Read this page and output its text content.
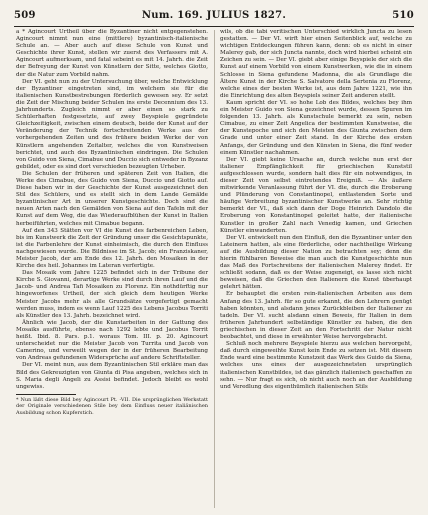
509	Num. 169. JULIUS 1827.	510

a * Agincourt Urtheil über die Byzantiner nicht entgegenstehen. Agincourt nimmt nun eine (mittlere) byzantinisch-italienische Schule an. — Aber auch auf diese Schule von Kunst und Geschichte ihrer Kunst, stellen wir zuerst des Verfassers mit A. Agincourt aufmerksam, und fatal sebeint es mit 14. Jahrh. die Zeit der Befreyung der Kunst von Künstlern der Sitte, welches Giotto, der die Natur zum Vorbild nahm.

Der VI. geht nun zu der Untersuchung über, welche Entwicklung der Byzantiner eingetreten sind, im welchem sie für die italienischen Kunstbestrebungen förderlich gewesen sey. Er setzt die Zeit der Mischung beider Schulen ins erste Decennium des 13. Jahrhunderts. Zugleich nimmt er aber einen so stark zu Schülerhaften festgesetzte, auf zwey Beyspiele gegründete Gleichzeitigkeit, zwischen einem deutsch, beide der Kunst auf der Veränderung der Technik fortschreitenden Werke aus der vorhergehenden Zeiten und des frühere beiden Werke der von Künstlern angehenden Zeitalter, welches die von Kunstweisen berichtet, und auch des Byzantinischen eindringen. Die Schulen von Guido von Siena, Cimabue und Duccio sich entweder in Byzanz gebildet, oder es sind dort verschieden bezeugten Urheber.

Die Schulen der früheren und späteren Zeit von Italien, die Werke des Cimabue, des Guido von Siena, Duccio und Giotto auf. Diese haben wir in der Geschichte der Kunst ausgezeichnet den Stil des Schülers, und es stellt sich in dem Lande Gemälde byzantinischer Art in unserer Kunstgeschichte. Doch sind die neuen Arten nach den Gemälden von Siena auf den Tafeln mit der Kunst auf dem Weg, die das Wiederaufblühen der Kunst in Italien herbeiführten, welches mit Cimabue begann.

Auf den 343 Stätten vor VI die Kunst des farbenreichen Leben, bis im Kunstwerk die Zeit der Gründung unser die Gesichtspunkte, ist die Farbenlehre der Kunst einheimisch, die durch den Einfluss nachgewiesen wurde. Die Bildnisse im St. Jacob; ein Franziskaner, Meister Jacob, der am Ende des 12. Jahrh. den Mosaiken in der Kirche des heil. Johannes im Lateran verfertigte.

Das Mosaik vom Jahre 1225 befindet sich in der Tribune der Kirche S. Giovanni, derartige Werke sind durch ihren Lauf und die Jacob- und Andrea Tafi Mosaiken zu Florenz. Ein nothdürftig nur hingeworfenes Urtheil, der sich gleich dem heutigen Werke Meister Jacobs mehr als alle Grundsätze vorgefertigt gemacht werden muss, indem es wenn Lauf 1225 des Lebens Jacobus Torriti als Künstler des 13. Jahrh. bezeichnet wird.

Ähnlich wie Jacob, der die Kunstarbeiten in der Gattung des Mosaiks ausführte, ebenso nach 1292 lebte und Jacobus Torrit heißt. Ibid. 8. Pars. p.1. woraus Tom. III. p. 20. Agincourt unterscheidet nur die Meister Jacob von Turrita und Jacob von Camerino, und verweilt wegen der in der früheren Bearbeitung von Andreas gefundenen Widersprüche auf andere Schriftsteller.

Der VI. meint nun, aus dem Byzantinischen Stil erkläre man das Bild des Gekreuzigten von Giunta di Pisa angeben, welches sich in S. Maria degli Angeli zu Assisi befindet. Jedoch bleibt es wohl ungewiss.

* Nun läßt diese Bild bey Agincourt Pt. -VII. Die ursprünglichen Werkstatt der Originale verschiedenen Stile bey dem Einfluss neuer italiänischen Ausbildung schon Kupferstich.

wils, ob die tabi veritischen Unterschied wirklich Juncta zu lesen gestatten. — Der VI. wirft hier einen Seitenblick auf, welche zu wichtigen Entdeckungen führen kann, denn: ob es nicht in einer Malerey gab, der sich Juncta nannte, doch wird hierbei scheint ein Zeichen zu sein. — Der VI. giebt aber einige Beyspiele der sich die Kunst auf einem Vorbild von einem Kunstwerken, wie die in einem Schlosse in Siena gefundene Madonna, die als Grundlage die Ältere Kunst in der Kirche S. Salvatore della Sertenia zu Florenz, welche eines der besten Werke ist, aus dem Jahre 1221, wie ihn die Einrichtung des alten Beyspiels seiner Zeit anderen stellt.

Kaum spricht der VI. so hohe Lob des Bildes, welches bey ihm ein Meister Guido von Siena gezeichnet wurde, dessen Spuren im folgenden 13. Jahrh. als Kunstschule bemerkt zu sein, neben Cimabue, zu einer Zeit Angelica der bestimmten Kunstweise, die der Kunstepoche und sich den Meisten des Giunta zwischen dem Grade und unter einer Zeit stand. In der Kirche des ersten Anfangs, der Gründung und den Künsten in Siena, die fünf weder einem Künstler nachahmen.

Der VI. giebt keine Ursache an, durch welche nun erst der italiener Empfänglichkeit für griechischen Kunststil aufgeschlossen wurde, sondern halt dies für ein notwendiges, in dieser Zeit von selbst eintretendes Ereigniß. — Als äußere mitwirkende Veranlassung führt der VI. die, durch die Eroberung und Plünderung von Constantinopel, entlastenden Sorte und häufige Verbreitung byzantinischer Kunstwerke an. Sehr richtig bemerkt der VI., daß sich dann der Doge Heinrich Dandolo die Eroberung von Konstantinopel geleitet hatte, der italienische Kunstler in großer Zahl nach Venedig kamen, und Griechen Künstler einwanderten.

Der VI. entwickelt nun den Einfluß, den die Byzantiner unter den Lateinern hatten, als eine förderliche, oder nachtheilige Wirkung auf die Ausbildung dieser Nation zu betrachten sey; denn die hierin fühlbaren Beweise die man auch die Kunstgeschichte nun das Maß des Fortschreitens der italienischen Malerey findet. Er schließt sodann, daß es der Weise zugeneigt, es lasse sich nicht beweisen, daß die Griechen den Italienern die Kunst überhaupt gelehrt hätten.

Er behauptet die ersten rein-italienischen Arbeiten aus dem Anfang des 13. Jahrh. für so gute erkannt, die den Lehrern genügt haben könnten, und alsdann jenes Zurückbleiben der Italiener zu tadeln. Der VI. sucht alsdann einen Beweis, für Italien in dem früheren Jahrhundert selbständige Künstler zu haben, die den griechischen in dieser Zeit an den Fortschritt der Natur nicht beobachtet, und diese in erwähnter Weise hervorgebracht.

Schluß noch mehrere Beyspiele hierzu aus welchen hervorgeht, daß durch eingeweihte Kunst kein Ende zu setzen ist. Mit diesem Ende ward eine bestimmte Kunstzeit das Werk des Guido da Siena, welches uns eines der ausgezeichnetsten ursprünglich italienischen Kunstbildes, ist das gänzlich italienisch geschaffen zu sehn. — Nur fragt es sich, ob nicht auch noch an der Ausbildung und Veredlung des eigenthümlich italienischen Stils
